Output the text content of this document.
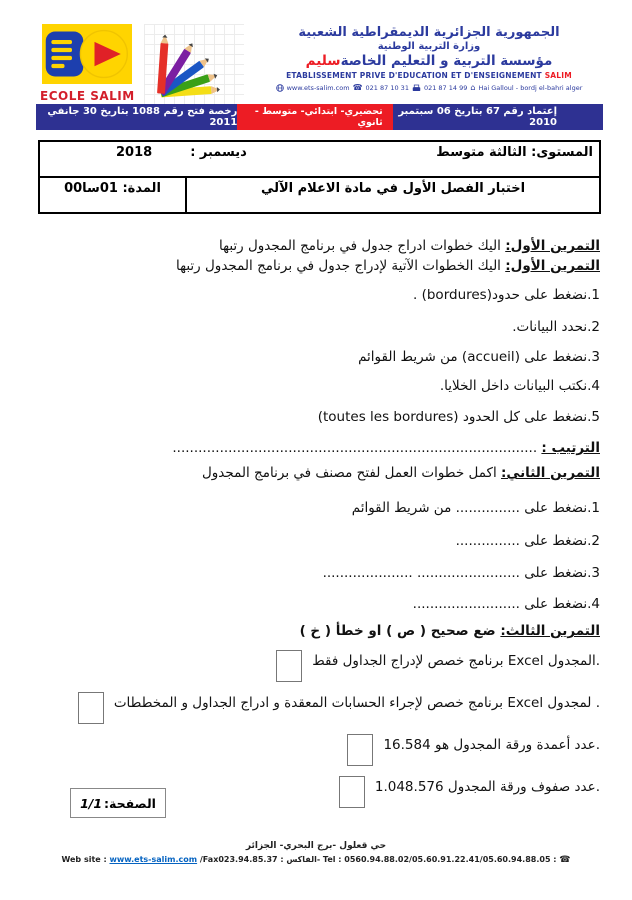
ECOLE SALIM
الجمهورية الجزائرية الديمقراطية الشعبية
وزارة التربية الوطنية
مؤسسة التربية و التعليم الخاصةسليم
ETABLISSEMENT PRIVE D'EDUCATION ET D'ENSEIGNEMENT SALIM
www.ets-salim.com ☎ 021 87 10 31 021 87 14 99 ⌂ Hai Galloul - bordj el-bahri alger
إعتماد رقم 67 بتاريخ 06 سبتمبر 2010
تحضيري- ابتدائي- متوسط - ثانوي
رخصة فتح رقم 1088 بتاريخ 30 جانفي 2011
المستوى: الثالثة متوسط
ديسمبر :
2018
اختبار الفصل الأول في مادة الاعلام الآلي
المدة: 01سا00

التمرين الأول: اليك خطوات ادراج جدول في برنامج المجدول رتبها

التمرين الأول: اليك الخطوات الآتية لإدراج جدول في برنامج المجدول رتبها

1.نضغط على حدود(bordures) .

2.نحدد البيانات.

3.نضغط على (accueil) من شريط القوائم

4.نكتب البيانات داخل الخلايا.

5.نضغط على كل الحدود (toutes les bordures)

الترتيب : .....................................................................................

التمرين الثاني: اكمل خطوات العمل لفتح مصنف في برنامج المجدول

1.نضغط على ............... من شريط القوائم

2.نضغط على ...............

3.نضغط على ........................ .....................

4.نضغط على .........................

التمرين الثالث: ضع صحيح ( ص ) او خطأ ( خ )

.المجدول Excel برنامج خصص لإدراج الجداول فقط
. لمجدول Excel برنامج خصص لإجراء الحسابات المعقدة و ادراج الجداول و المخططات
.عدد أعمدة ورقة المجدول هو 16.584
.عدد صفوف ورقة المجدول 1.048.576
الصفحة:
1/1
حي قعلول -برج البحري- الجزائر
Web site : www.ets-salim.com /Fax023.94.85.37 : الفاكس- Tel : 0560.94.88.02/05.60.91.22.41/05.60.94.88.05 : ☎
